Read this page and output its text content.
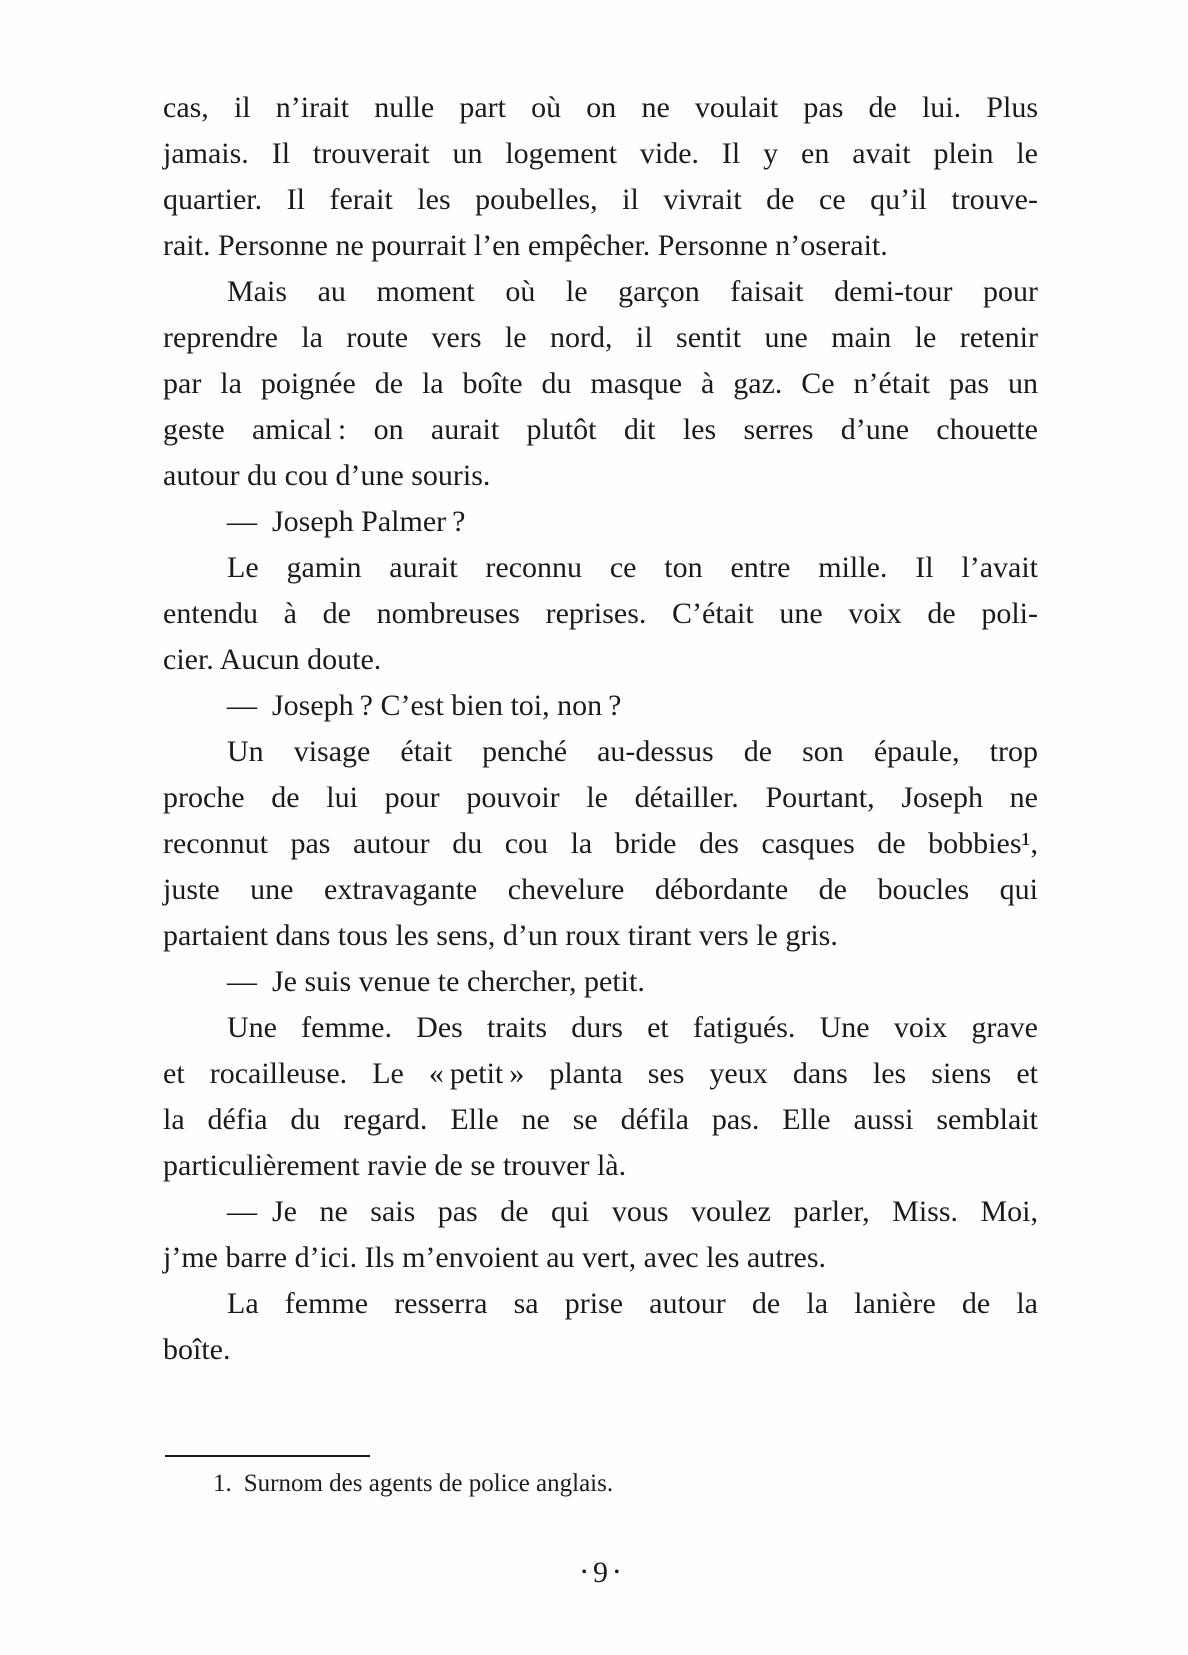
cas, il n’irait nulle part où on ne voulait pas de lui. Plus
jamais. Il trouverait un logement vide. Il y en avait plein le
quartier. Il ferait les poubelles, il vivrait de ce qu’il trouve-
rait. Personne ne pourrait l’en empêcher. Personne n’oserait.
Mais au moment où le garçon faisait demi-tour pour
reprendre la route vers le nord, il sentit une main le retenir
par la poignée de la boîte du masque à gaz. Ce n’était pas un
geste amical : on aurait plutôt dit les serres d’une chouette
autour du cou d’une souris.
— Joseph Palmer ?
Le gamin aurait reconnu ce ton entre mille. Il l’avait
entendu à de nombreuses reprises. C’était une voix de poli-
cier. Aucun doute.
— Joseph ? C’est bien toi, non ?
Un visage était penché au-dessus de son épaule, trop
proche de lui pour pouvoir le détailler. Pourtant, Joseph ne
reconnut pas autour du cou la bride des casques de bobbies¹,
juste une extravagante chevelure débordante de boucles qui
partaient dans tous les sens, d’un roux tirant vers le gris.
— Je suis venue te chercher, petit.
Une femme. Des traits durs et fatigués. Une voix grave
et rocailleuse. Le « petit » planta ses yeux dans les siens et
la défia du regard. Elle ne se défila pas. Elle aussi semblait
particulièrement ravie de se trouver là.
— Je ne sais pas de qui vous voulez parler, Miss. Moi,
j’me barre d’ici. Ils m’envoient au vert, avec les autres.
La femme resserra sa prise autour de la lanière de la
boîte.
1. Surnom des agents de police anglais.
• 9 •
